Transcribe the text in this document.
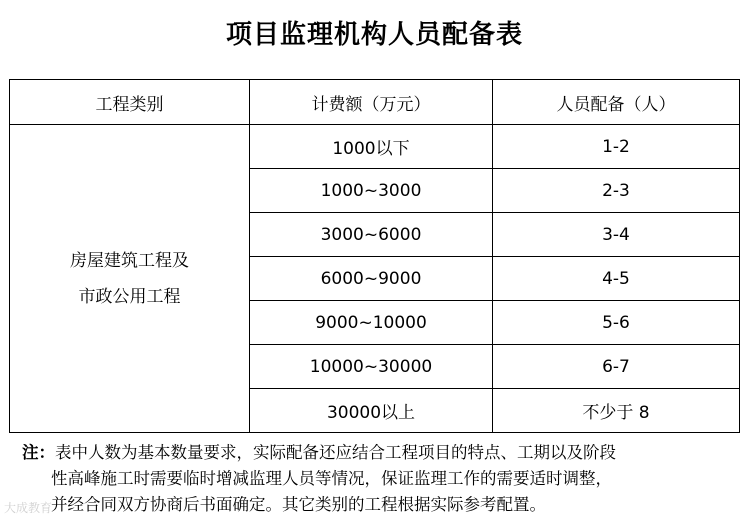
项目监理机构人员配备表
工程类别	计费额（万元）	人员配备（人）

房屋建筑工程及
市政公用工程	1000以下	1-2
	1000~3000	2-3
	3000~6000	3-4
	6000~9000	4-5
	9000~10000	5-6
	10000~30000	6-7
	30000以上	不少于 8
注：表中人数为基本数量要求，实际配备还应结合工程项目的特点、工期以及阶段
性高峰施工时需要临时增减监理人员等情况，保证监理工作的需要适时调整，
并经合同双方协商后书面确定。其它类别的工程根据实际参考配置。
大成教育
